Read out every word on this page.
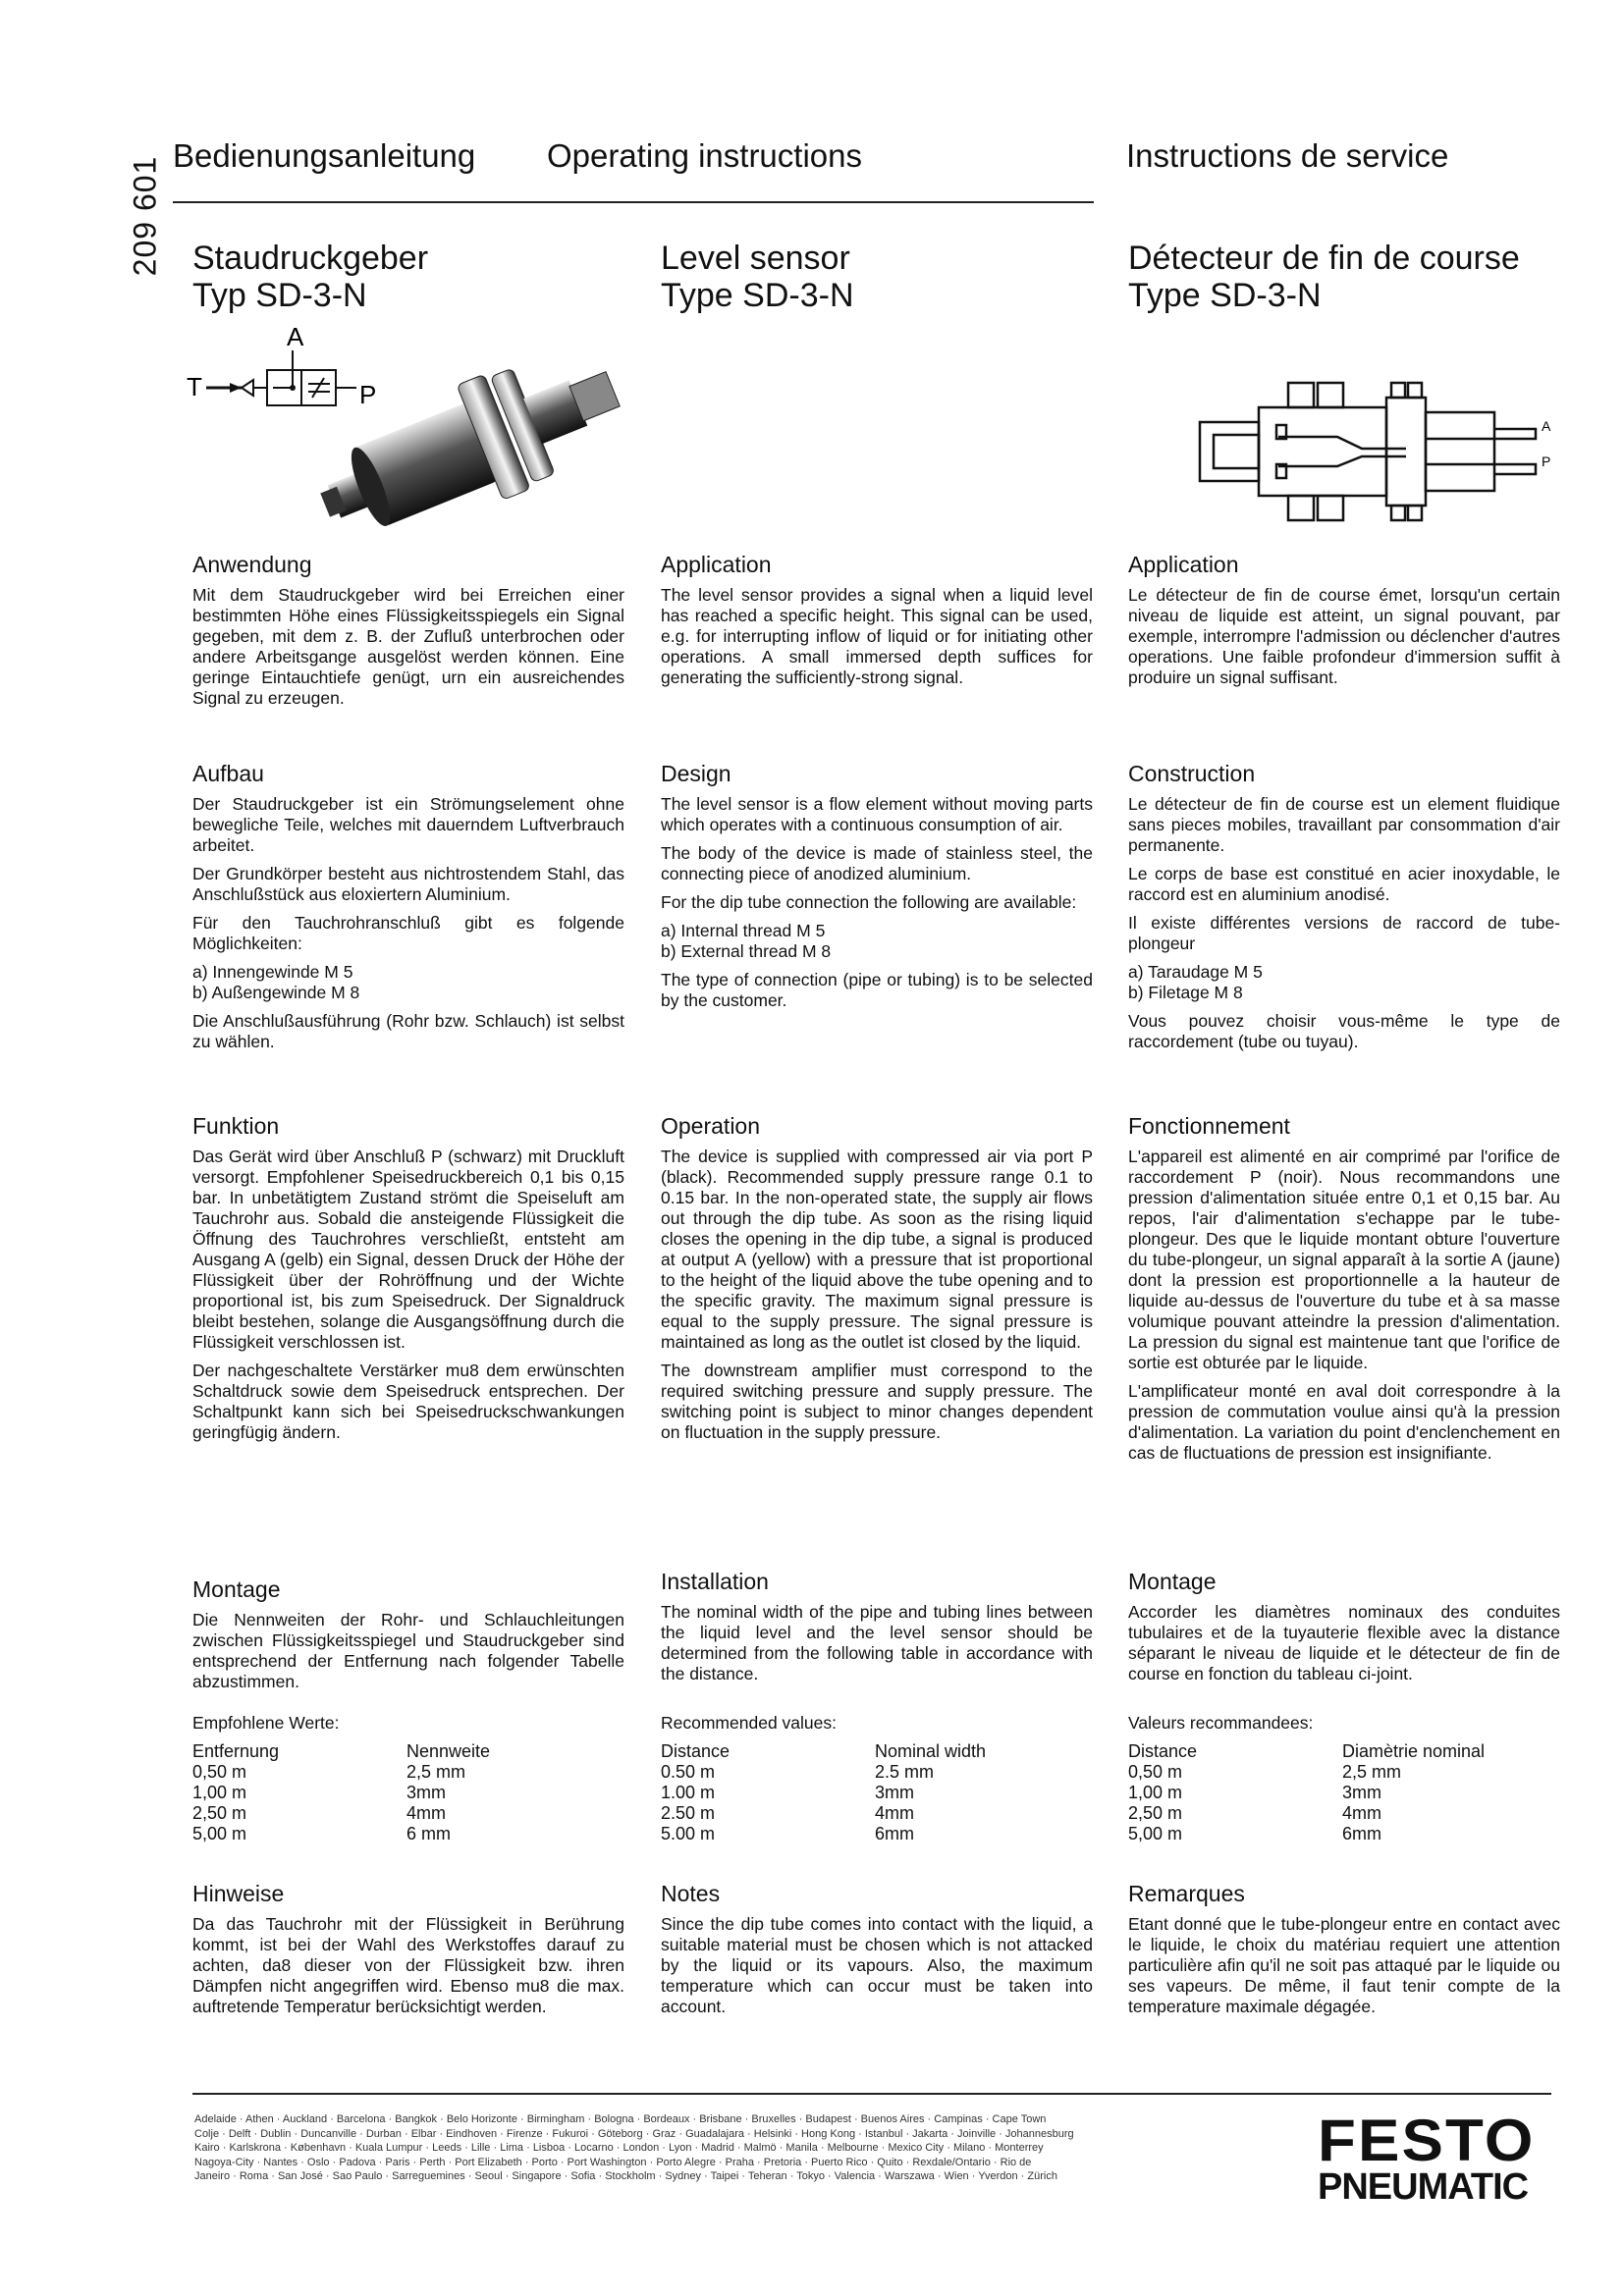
209 601
Bedienungsanleitung Operating instructions	Instructions de service
Staudruckgeber
Typ SD-3-N
Level sensor
Type SD-3-N
Détecteur de fin de course
Type SD-3-N
A
T	P
A
P
Anwendung

Mit dem Staudruckgeber wird bei Erreichen einer bestimmten Höhe eines Flüssigkeitsspiegels ein Signal gegeben, mit dem z. B. der Zufluß unterbrochen oder andere Arbeitsgange ausgelöst werden können. Eine geringe Eintauchtiefe genügt, urn ein ausreichendes Signal zu erzeugen.

Aufbau

Der Staudruckgeber ist ein Strömungselement ohne bewegliche Teile, welches mit dauerndem Luftverbrauch arbeitet.

Der Grundkörper besteht aus nichtrostendem Stahl, das Anschlußstück aus eloxiertern Aluminium.

Für den Tauchrohranschluß gibt es folgende Möglichkeiten:

a) Innengewinde M 5

b) Außengewinde M 8

Die Anschlußausführung (Rohr bzw. Schlauch) ist selbst zu wählen.

Funktion

Das Gerät wird über Anschluß P (schwarz) mit Druckluft versorgt. Empfohlener Speisedruckbereich 0,1 bis 0,15 bar. In unbetätigtem Zustand strömt die Speiseluft am Tauchrohr aus. Sobald die ansteigende Flüssigkeit die Öffnung des Tauchrohres verschließt, entsteht am Ausgang A (gelb) ein Signal, dessen Druck der Höhe der Flüssigkeit über der Rohröffnung und der Wichte proportional ist, bis zum Speisedruck. Der Signaldruck bleibt bestehen, solange die Ausgangsöffnung durch die Flüssigkeit verschlossen ist.

Der nachgeschaltete Verstärker mu8 dem erwünschten Schaltdruck sowie dem Speisedruck entsprechen. Der Schaltpunkt kann sich bei Speisedruckschwankungen geringfügig ändern.

Montage

Die Nennweiten der Rohr- und Schlauchleitungen zwischen Flüssigkeitsspiegel und Staudruckgeber sind entsprechend der Entfernung nach folgender Tabelle abzustimmen.

Empfohlene Werte:

Entfernung	Nennweite
0,50 m	2,5 mm
1,00 m	3mm
2,50 m	4mm
5,00 m	6 mm
Hinweise

Da das Tauchrohr mit der Flüssigkeit in Berührung kommt, ist bei der Wahl des Werkstoffes darauf zu achten, da8 dieser von der Flüssigkeit bzw. ihren Dämpfen nicht angegriffen wird. Ebenso mu8 die max. auftretende Temperatur berücksichtigt werden.

Application

The level sensor provides a signal when a liquid level has reached a specific height. This signal can be used, e.g. for interrupting inflow of liquid or for initiating other operations. A small immersed depth suffices for generating the sufficiently-strong signal.

Design

The level sensor is a flow element without moving parts which operates with a continuous consumption of air.

The body of the device is made of stainless steel, the connecting piece of anodized aluminium.

For the dip tube connection the following are available:

a) Internal thread M 5

b) External thread M 8

The type of connection (pipe or tubing) is to be selected by the customer.

Operation

The device is supplied with compressed air via port P (black). Recommended supply pressure range 0.1 to 0.15 bar. In the non-operated state, the supply air flows out through the dip tube. As soon as the rising liquid closes the opening in the dip tube, a signal is produced at output A (yellow) with a pressure that ist proportional to the height of the liquid above the tube opening and to the specific gravity. The maximum signal pressure is equal to the supply pressure. The signal pressure is maintained as long as the outlet ist closed by the liquid.

The downstream amplifier must correspond to the required switching pressure and supply pressure. The switching point is subject to minor changes dependent on fluctuation in the supply pressure.

Installation

The nominal width of the pipe and tubing lines between the liquid level and the level sensor should be determined from the following table in accordance with the distance.

Recommended values:

Distance	Nominal width
0.50 m	2.5 mm
1.00 m	3mm
2.50 m	4mm
5.00 m	6mm
Notes

Since the dip tube comes into contact with the liquid, a suitable material must be chosen which is not attacked by the liquid or its vapours. Also, the maximum temperature which can occur must be taken into account.

Application

Le détecteur de fin de course émet, lorsqu'un certain niveau de liquide est atteint, un signal pouvant, par exemple, interrompre l'admission ou déclencher d'autres operations. Une faible profondeur d'immersion suffit à produire un signal suffisant.

Construction

Le détecteur de fin de course est un element fluidique sans pieces mobiles, travaillant par consommation d'air permanente.

Le corps de base est constitué en acier inoxydable, le raccord est en aluminium anodisé.

Il existe différentes versions de raccord de tube-plongeur

a) Taraudage M 5

b) Filetage M 8

Vous pouvez choisir vous-même le type de raccordement (tube ou tuyau).

Fonctionnement

L'appareil est alimenté en air comprimé par l'orifice de raccordement P (noir). Nous recommandons une pression d'alimentation située entre 0,1 et 0,15 bar. Au repos, l'air d'alimentation s'echappe par le tube-plongeur. Des que le liquide montant obture l'ouverture du tube-plongeur, un signal apparaît à la sortie A (jaune) dont la pression est proportionnelle a la hauteur de liquide au-dessus de l'ouverture du tube et à sa masse volumique pouvant atteindre la pression d'alimentation. La pression du signal est maintenue tant que l'orifice de sortie est obturée par le liquide.

L'amplificateur monté en aval doit correspondre à la pression de commutation voulue ainsi qu'à la pression d'alimentation. La variation du point d'enclenchement en cas de fluctuations de pression est insignifiante.

Montage

Accorder les diamètres nominaux des conduites tubulaires et de la tuyauterie flexible avec la distance séparant le niveau de liquide et le détecteur de fin de course en fonction du tableau ci-joint.

Valeurs recommandees:

Distance	Diamètrie nominal
0,50 m	2,5 mm
1,00 m	3mm
2,50 m	4mm
5,00 m	6mm
Remarques

Etant donné que le tube-plongeur entre en contact avec le liquide, le choix du matériau requiert une attention particulière afin qu'il ne soit pas attaqué par le liquide ou ses vapeurs. De même, il faut tenir compte de la temperature maximale dégagée.

Adelaide · Athen · Auckland · Barcelona · Bangkok · Belo Horizonte · Birmingham · Bologna · Bordeaux · Brisbane · Bruxelles · Budapest · Buenos Aires · Campinas · Cape Town
Colje · Delft · Dublin · Duncanville · Durban · Elbar · Eindhoven · Firenze · Fukuroi · Göteborg · Graz · Guadalajara · Helsinki · Hong Kong · Istanbul · Jakarta · Joinville · Johannesburg
Kairo · Karlskrona · København · Kuala Lumpur · Leeds · Lille · Lima · Lisboa · Locarno · London · Lyon · Madrid · Malmö · Manila · Melbourne · Mexico City · Milano · Monterrey
Nagoya-City · Nantes · Oslo · Padova · Paris · Perth · Port Elizabeth · Porto · Port Washington · Porto Alegre · Praha · Pretoria · Puerto Rico · Quito · Rexdale/Ontario · Rio de
Janeiro · Roma · San José · Sao Paulo · Sarreguemines · Seoul · Singapore · Sofia · Stockholm · Sydney · Taipei · Teheran · Tokyo · Valencia · Warszawa · Wien · Yverdon · Zürich
FESTO
PNEUMATIC
